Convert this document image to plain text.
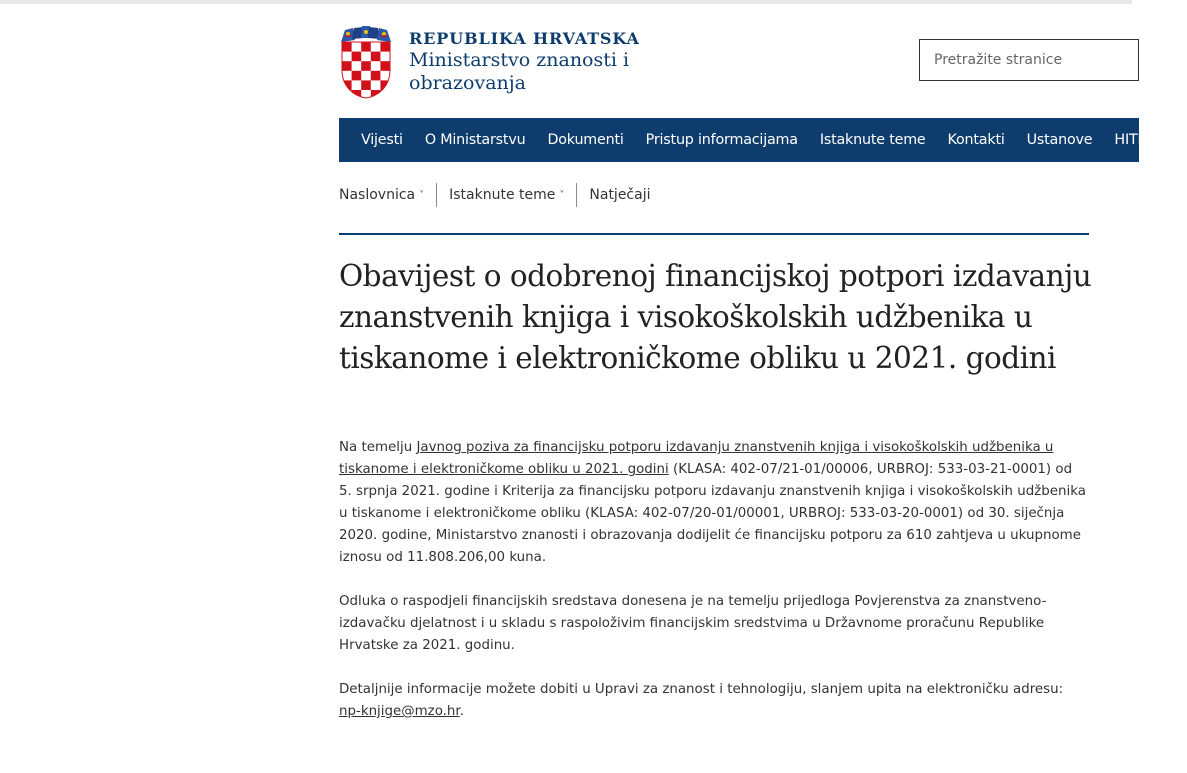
REPUBLIKA HRVATSKA
Ministarstvo znanosti i obrazovanja
Pretražite stranice
Vijesti	O Ministarstvu	Dokumenti	Pristup informacijama	Istaknute teme	Kontakti	Ustanove	HITNI BR
Naslovnica ˅ Istaknute teme ˅ Natječaji
Obavijest o odobrenoj financijskoj potpori izdavanju znanstvenih knjiga i visokoškolskih udžbenika u tiskanome i elektroničkome obliku u 2021. godini

Na temelju Javnog poziva za financijsku potporu izdavanju znanstvenih knjiga i visokoškolskih udžbenika u tiskanome i elektroničkome obliku u 2021. godini (KLASA: 402-07/21-01/00006, URBROJ: 533-03-21-0001) od 5. srpnja 2021. godine i Kriterija za financijsku potporu izdavanju znanstvenih knjiga i visokoškolskih udžbenika u tiskanome i elektroničkome obliku (KLASA: 402-07/20-01/00001, URBROJ: 533-03-20-0001) od 30. siječnja 2020. godine, Ministarstvo znanosti i obrazovanja dodijelit će financijsku potporu za 610 zahtjeva u ukupnome iznosu od 11.808.206,00 kuna.

Odluka o raspodjeli financijskih sredstava donesena je na temelju prijedloga Povjerenstva za znanstveno-izdavačku djelatnost i u skladu s raspoloživim financijskim sredstvima u Državnome proračunu Republike Hrvatske za 2021. godinu.

Detaljnije informacije možete dobiti u Upravi za znanost i tehnologiju, slanjem upita na elektroničku adresu: np-knjige@mzo.hr.
